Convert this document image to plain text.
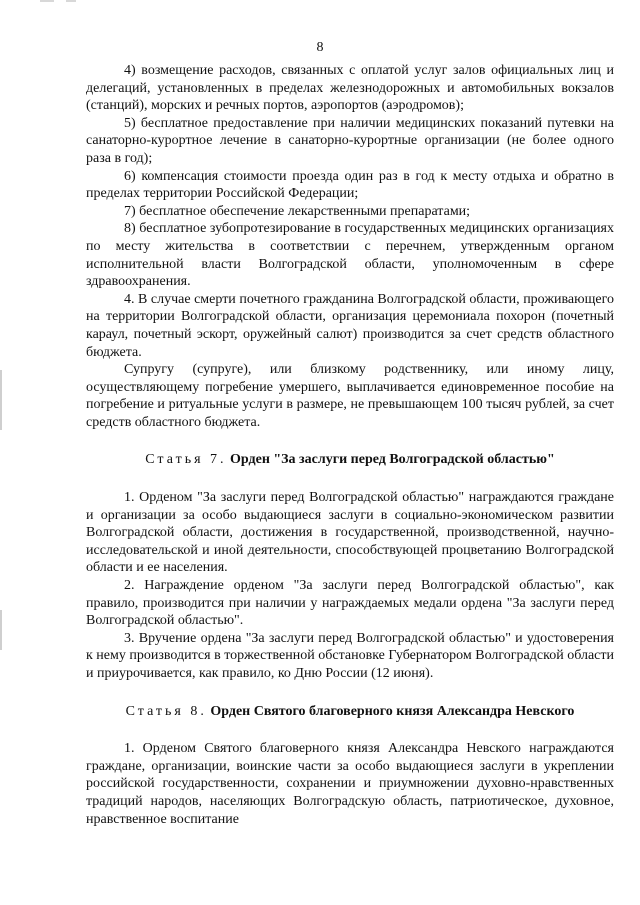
8

4) возмещение расходов, связанных с оплатой услуг залов официальных лиц и делегаций, установленных в пределах железнодорожных и автомобильных вокзалов (станций), морских и речных портов, аэропортов (аэродромов);

5) бесплатное предоставление при наличии медицинских показаний путевки на санаторно-курортное лечение в санаторно-курортные организации (не более одного раза в год);

6) компенсация стоимости проезда один раз в год к месту отдыха и обратно в пределах территории Российской Федерации;

7) бесплатное обеспечение лекарственными препаратами;

8) бесплатное зубопротезирование в государственных медицинских организациях по месту жительства в соответствии с перечнем, утвержденным органом исполнительной власти Волгоградской области, уполномоченным в сфере здравоохранения.

4. В случае смерти почетного гражданина Волгоградской области, проживающего на территории Волгоградской области, организация церемониала похорон (почетный караул, почетный эскорт, оружейный салют) производится за счет средств областного бюджета.

Супругу (супруге), или близкому родственнику, или иному лицу, осуществляющему погребение умершего, выплачивается единовременное пособие на погребение и ритуальные услуги в размере, не превышающем 100 тысяч рублей, за счет средств областного бюджета.

Статья 7. Орден "За заслуги перед Волгоградской областью"

1. Орденом "За заслуги перед Волгоградской областью" награждаются граждане и организации за особо выдающиеся заслуги в социально-экономическом развитии Волгоградской области, достижения в государственной, производственной, научно-исследовательской и иной деятельности, способствующей процветанию Волгоградской области и ее населения.

2. Награждение орденом "За заслуги перед Волгоградской областью", как правило, производится при наличии у награждаемых медали ордена "За заслуги перед Волгоградской областью".

3. Вручение ордена "За заслуги перед Волгоградской областью" и удостоверения к нему производится в торжественной обстановке Губернатором Волгоградской области и приурочивается, как правило, ко Дню России (12 июня).

Статья 8. Орден Святого благоверного князя Александра Невского

1. Орденом Святого благоверного князя Александра Невского награждаются граждане, организации, воинские части за особо выдающиеся заслуги в укреплении российской государственности, сохранении и приумножении духовно-нравственных традиций народов, населяющих Волгоградскую область, патриотическое, духовное, нравственное воспитание
